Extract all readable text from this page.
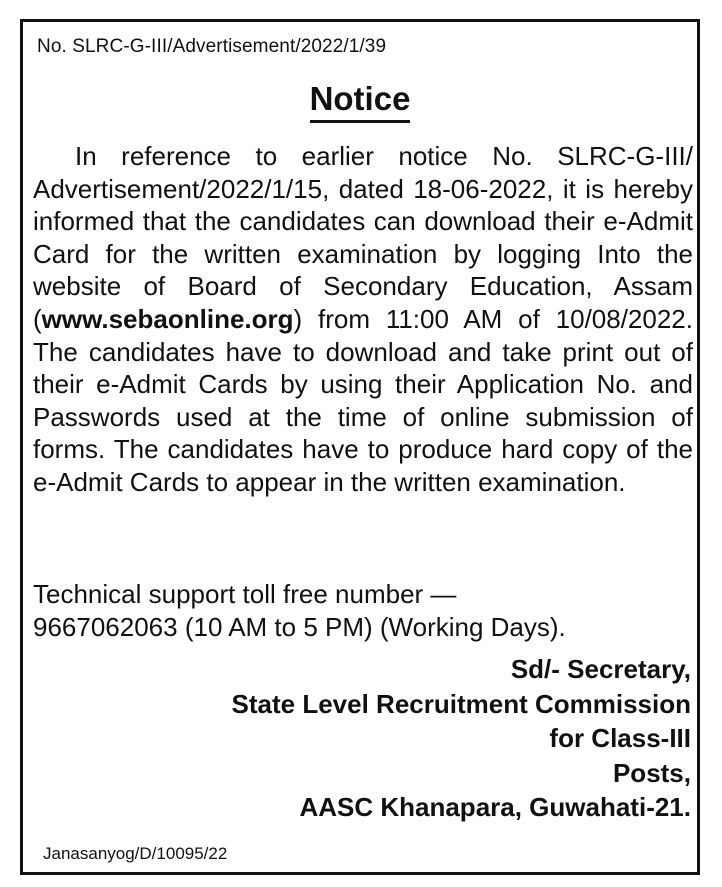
No. SLRC-G-III/Advertisement/2022/1/39
Notice

In reference to earlier notice No. SLRC-G-III/ Advertisement/2022/1/15, dated 18-06-2022, it is hereby informed that the candidates can download their e-Admit Card for the written examination by logging Into the website of Board of Secondary Education, Assam (www.sebaonline.org) from 11:00 AM of 10/08/2022. The candidates have to download and take print out of their e-Admit Cards by using their Application No. and Passwords used at the time of online submission of forms. The candidates have to produce hard copy of the e-Admit Cards to appear in the written examination.

Technical support toll free number —
9667062063 (10 AM to 5 PM) (Working Days).
Sd/- Secretary,
State Level Recruitment Commission
for Class-III
Posts,
AASC Khanapara, Guwahati-21.
Janasanyog/D/10095/22
